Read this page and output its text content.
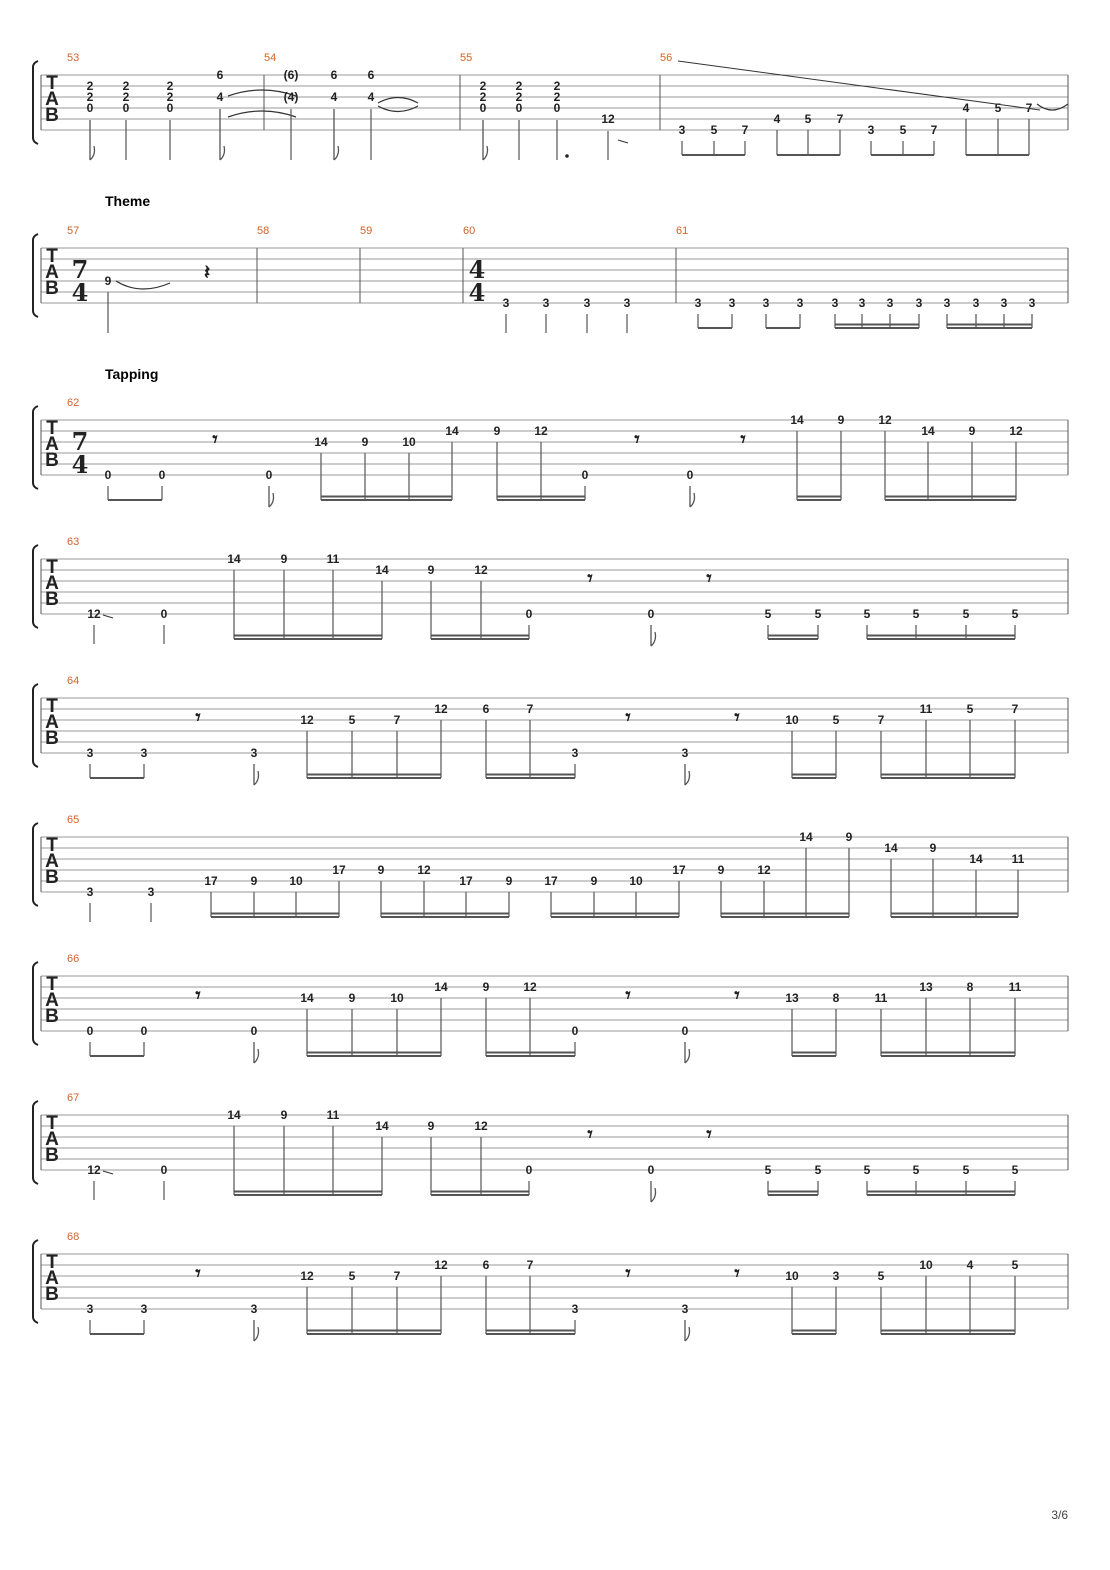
T
A
B
53
2
2
0
2
2
0
2
2
0
6
4
54
(6)
(4)
6
4
6
4
55
2
2
0
2
2
0
2
2
0
12
56
3 5 7
4 5 7
3 5 7
4 5 7
T
A
B
57
7
4 9	𝄽
58	59	60
4
4 3	3	3	3
61
3 3 3 3 3 3 3 3 3 3 3 3
T
A
B
62
7
4 0	0	0
14	9	10
14	9	12
0	0
14	9	12
14	9	12
𝄾	𝄾	𝄾
T
A
B
63
12	0
14	9	11
14	9	12
0	0	5	5	5	5	5	5
𝄾	𝄾
T
A
B
64
3	3	3
12	5	7
12	6	7
3	3
10	5	7
11	5	7
𝄾	𝄾	𝄾
T
A
B
65
3	3
17	9	10
17	9	12
17	9	17	9	10
17	9	12
14	9
14	9
14 11
T
A
B
66
0	0	0
14	9	10
14	9	12
0	0
13	8	11
13	8	11
𝄾	𝄾	𝄾
T
A
B
67
12	0
14	9	11
14	9	12
0	0	5	5	5	5	5	5
𝄾	𝄾
T
A
B
68
3	3	3
12	5	7
12	6	7
3	3
10	3	5
10	4	5
𝄾	𝄾	𝄾
Theme
Tapping
3/6
